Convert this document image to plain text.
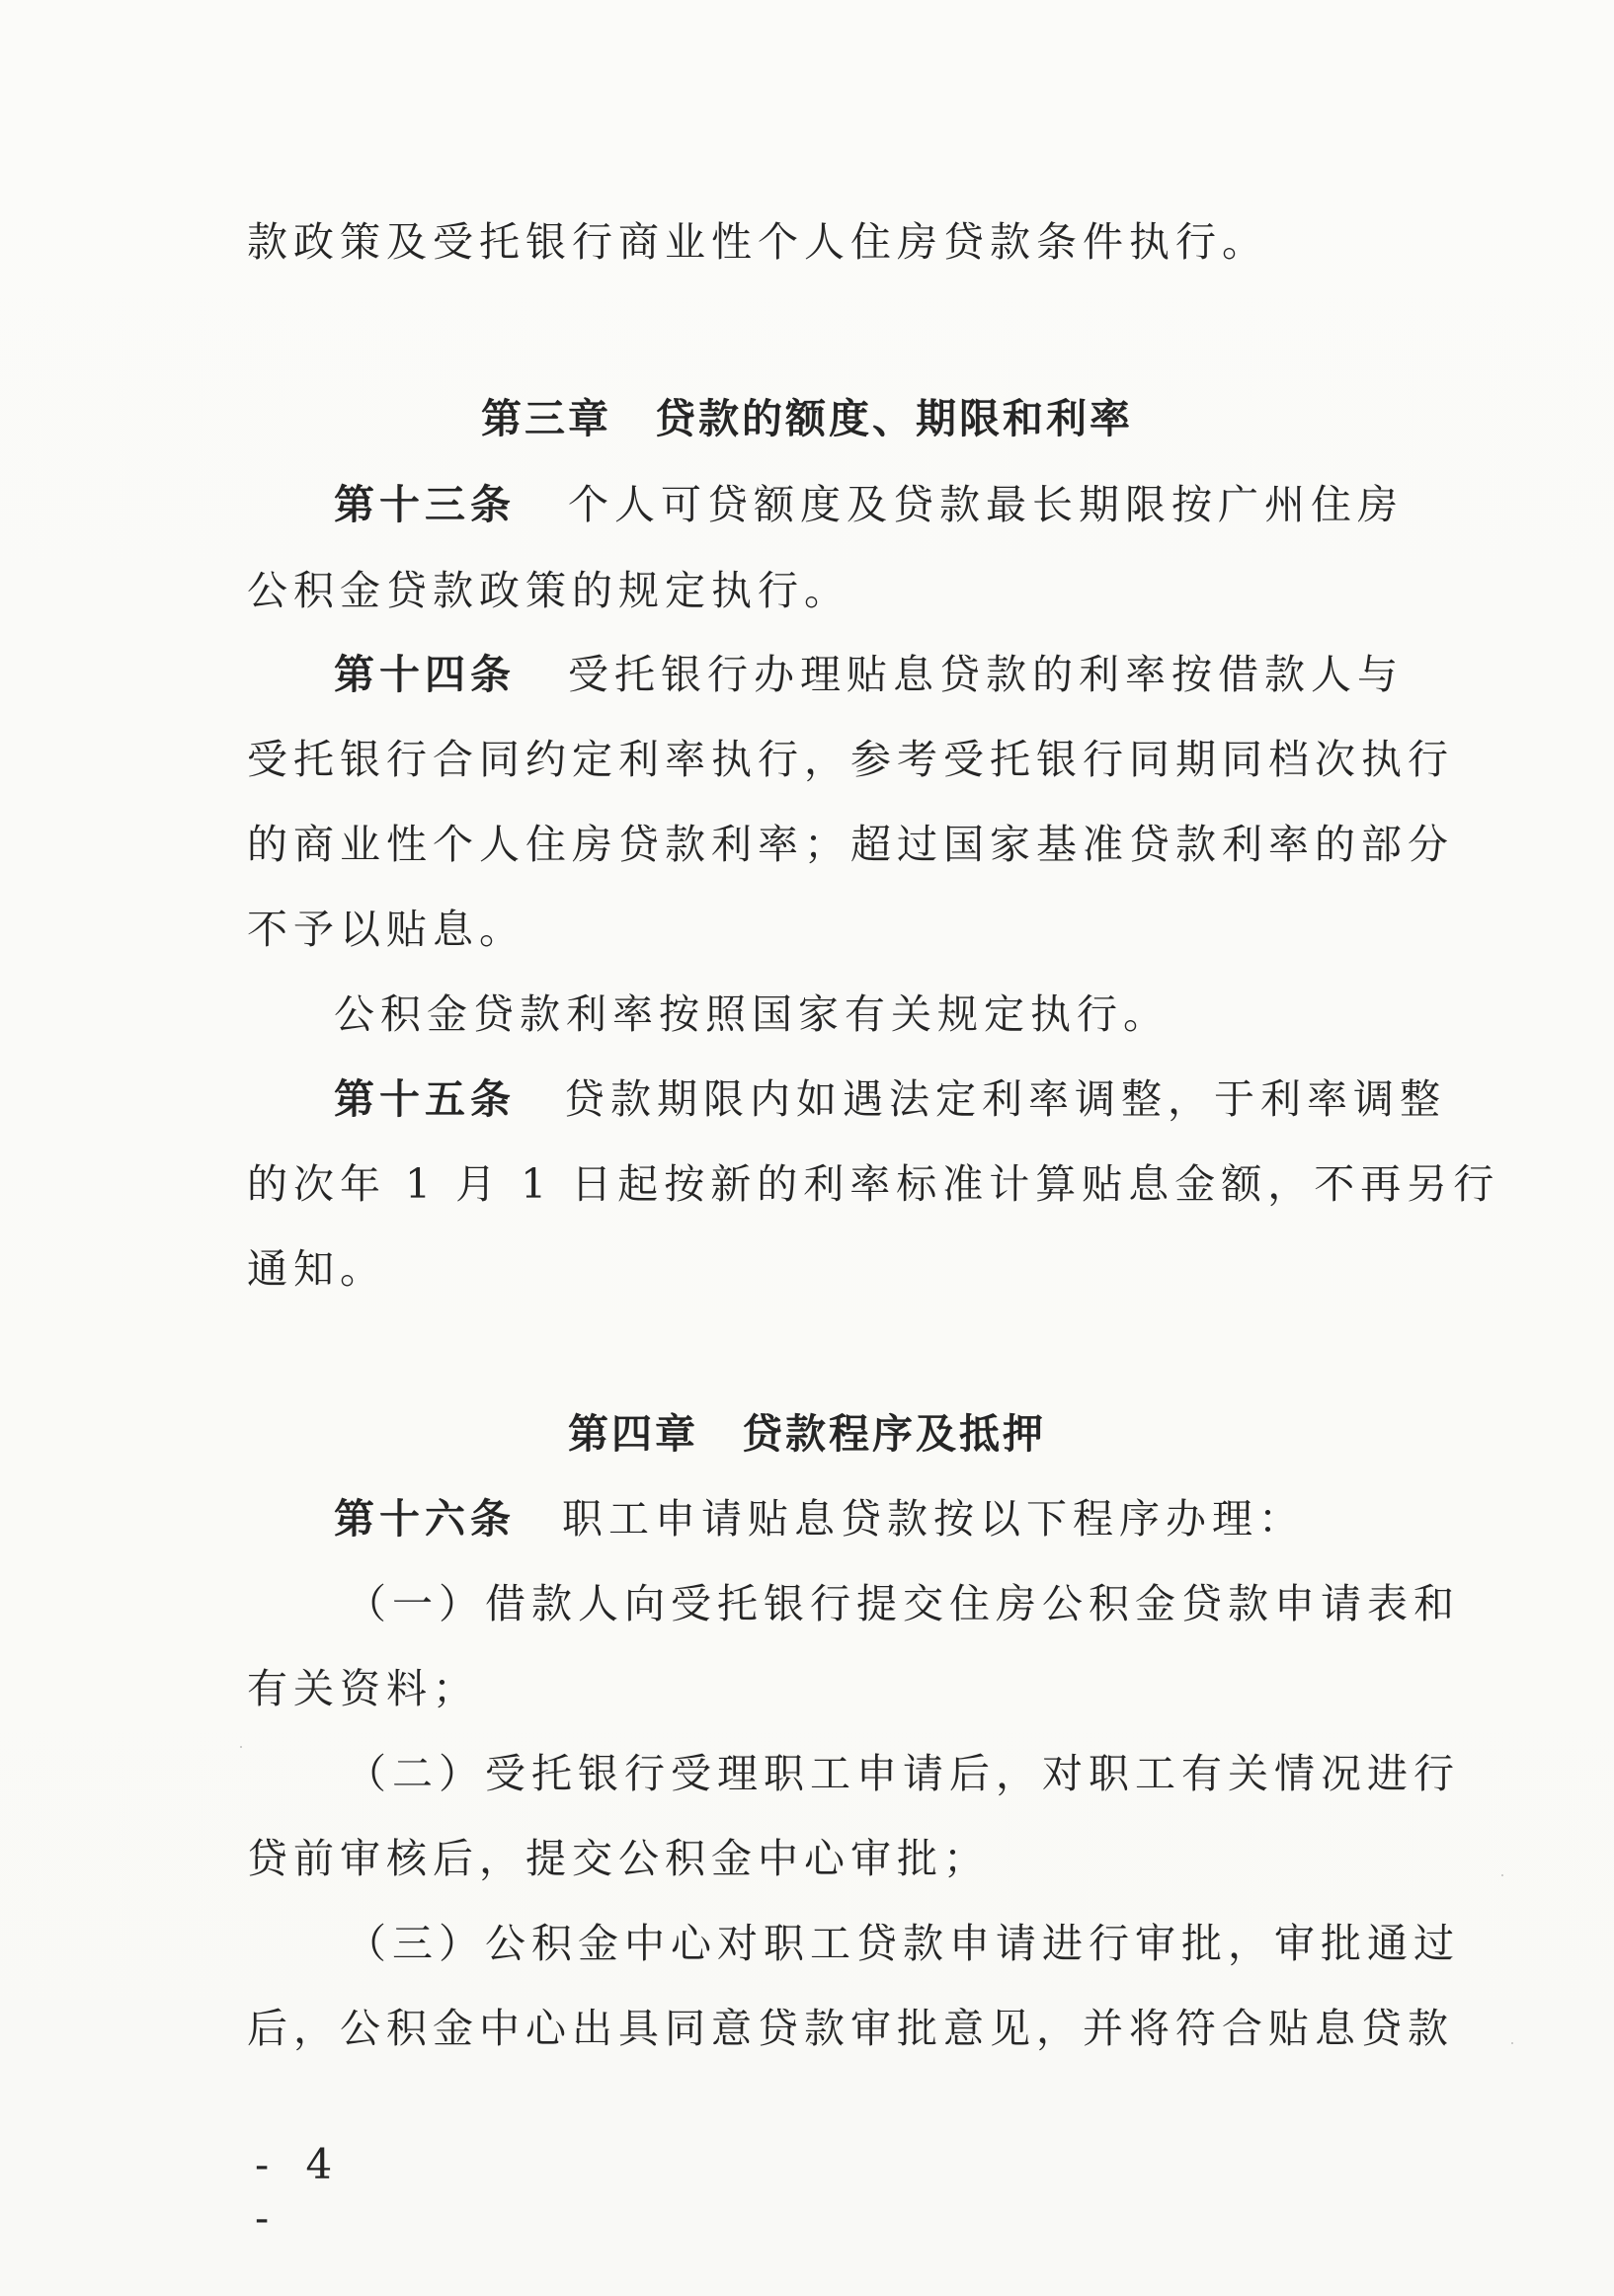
款政策及受托银行商业性个人住房贷款条件执行。
第三章　贷款的额度、期限和利率
第十三条 个人可贷额度及贷款最长期限按广州住房
公积金贷款政策的规定执行。
第十四条 受托银行办理贴息贷款的利率按借款人与
受托银行合同约定利率执行，参考受托银行同期同档次执行
的商业性个人住房贷款利率；超过国家基准贷款利率的部分
不予以贴息。
公积金贷款利率按照国家有关规定执行。
第十五条 贷款期限内如遇法定利率调整，于利率调整
的次年 1 月 1 日起按新的利率标准计算贴息金额，不再另行
通知。
第四章　贷款程序及抵押
第十六条 职工申请贴息贷款按以下程序办理：
（一）借款人向受托银行提交住房公积金贷款申请表和
有关资料；
（二）受托银行受理职工申请后，对职工有关情况进行
贷前审核后，提交公积金中心审批；
（三）公积金中心对职工贷款申请进行审批，审批通过
后，公积金中心出具同意贷款审批意见，并将符合贴息贷款
- 4 -
